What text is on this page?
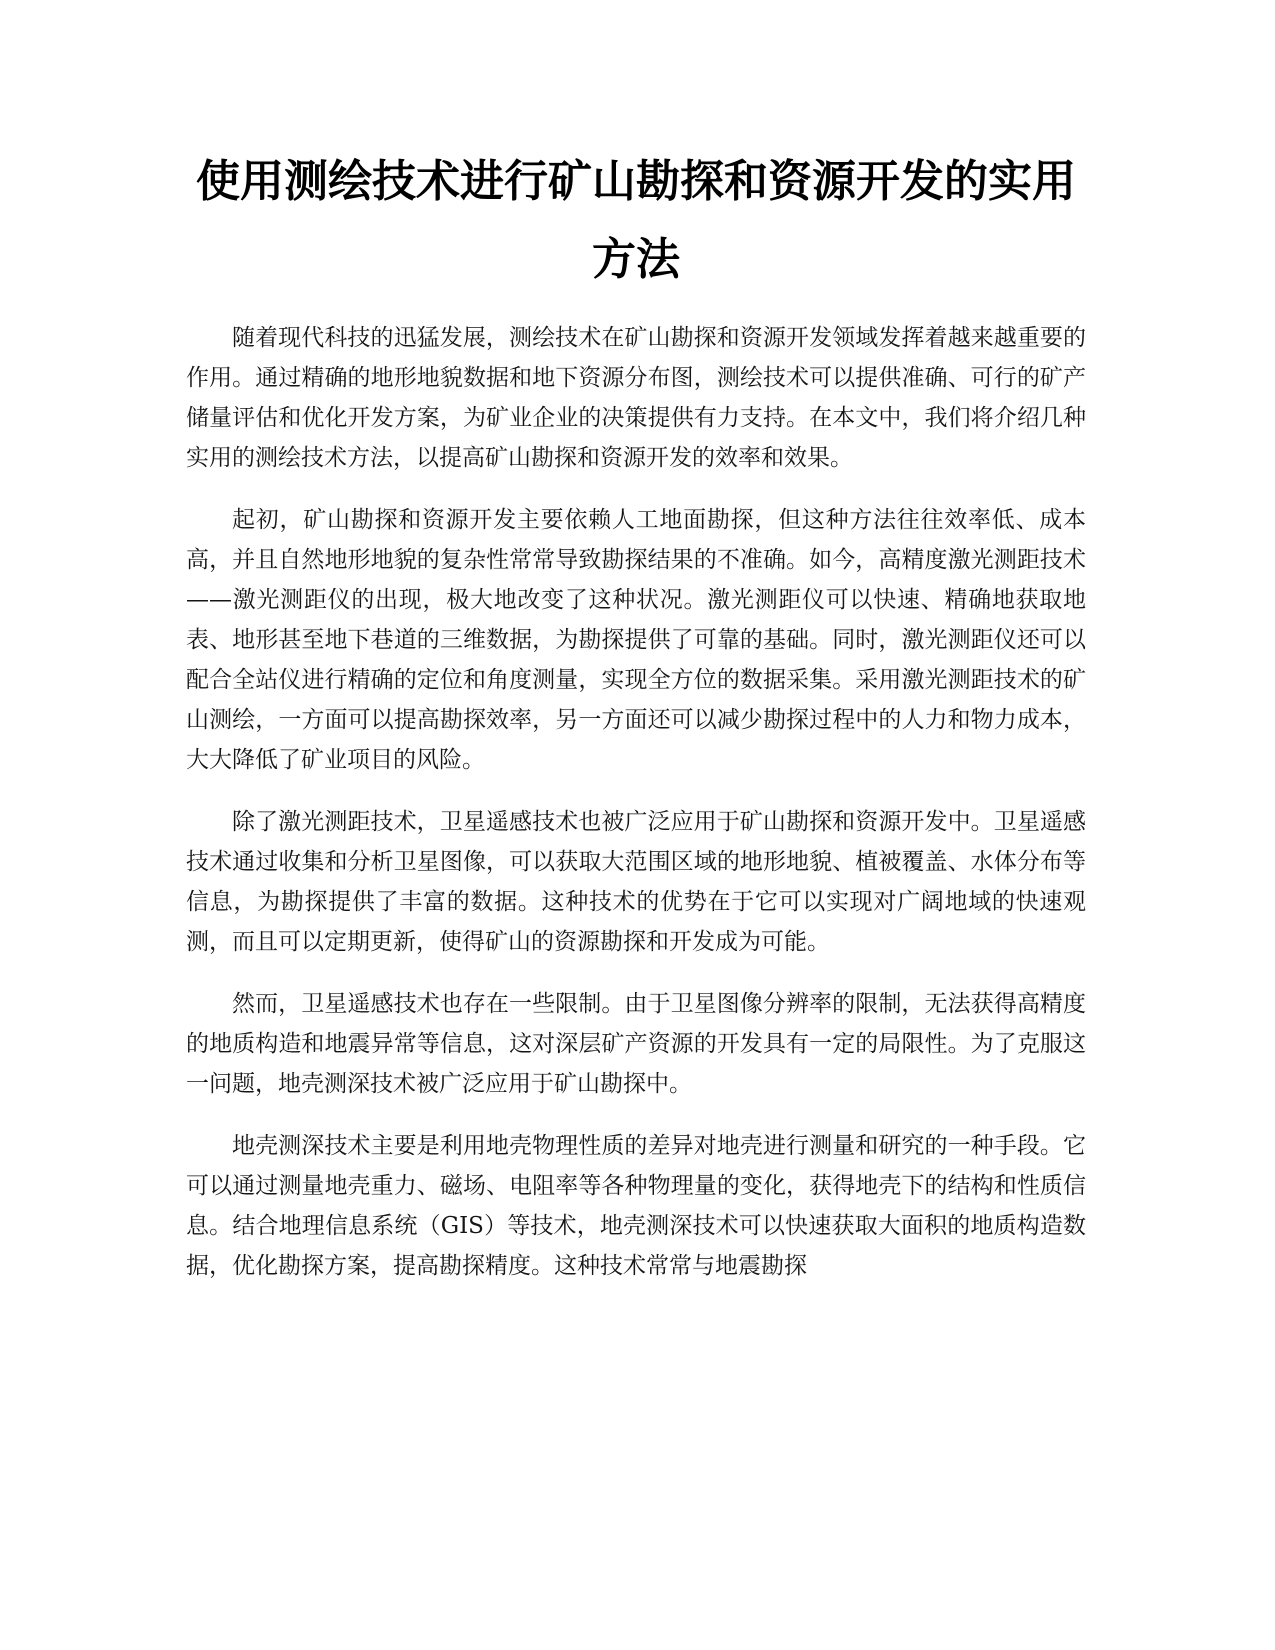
使用测绘技术进行矿山勘探和资源开发的实用方法

随着现代科技的迅猛发展，测绘技术在矿山勘探和资源开发领域发挥着越来越重要的作用。通过精确的地形地貌数据和地下资源分布图，测绘技术可以提供准确、可行的矿产储量评估和优化开发方案，为矿业企业的决策提供有力支持。在本文中，我们将介绍几种实用的测绘技术方法，以提高矿山勘探和资源开发的效率和效果。

起初，矿山勘探和资源开发主要依赖人工地面勘探，但这种方法往往效率低、成本高，并且自然地形地貌的复杂性常常导致勘探结果的不准确。如今，高精度激光测距技术——激光测距仪的出现，极大地改变了这种状况。激光测距仪可以快速、精确地获取地表、地形甚至地下巷道的三维数据，为勘探提供了可靠的基础。同时，激光测距仪还可以配合全站仪进行精确的定位和角度测量，实现全方位的数据采集。采用激光测距技术的矿山测绘，一方面可以提高勘探效率，另一方面还可以减少勘探过程中的人力和物力成本，大大降低了矿业项目的风险。

除了激光测距技术，卫星遥感技术也被广泛应用于矿山勘探和资源开发中。卫星遥感技术通过收集和分析卫星图像，可以获取大范围区域的地形地貌、植被覆盖、水体分布等信息，为勘探提供了丰富的数据。这种技术的优势在于它可以实现对广阔地域的快速观测，而且可以定期更新，使得矿山的资源勘探和开发成为可能。

然而，卫星遥感技术也存在一些限制。由于卫星图像分辨率的限制，无法获得高精度的地质构造和地震异常等信息，这对深层矿产资源的开发具有一定的局限性。为了克服这一问题，地壳测深技术被广泛应用于矿山勘探中。

地壳测深技术主要是利用地壳物理性质的差异对地壳进行测量和研究的一种手段。它可以通过测量地壳重力、磁场、电阻率等各种物理量的变化，获得地壳下的结构和性质信息。结合地理信息系统（GIS）等技术，地壳测深技术可以快速获取大面积的地质构造数据，优化勘探方案，提高勘探精度。这种技术常常与地震勘探
